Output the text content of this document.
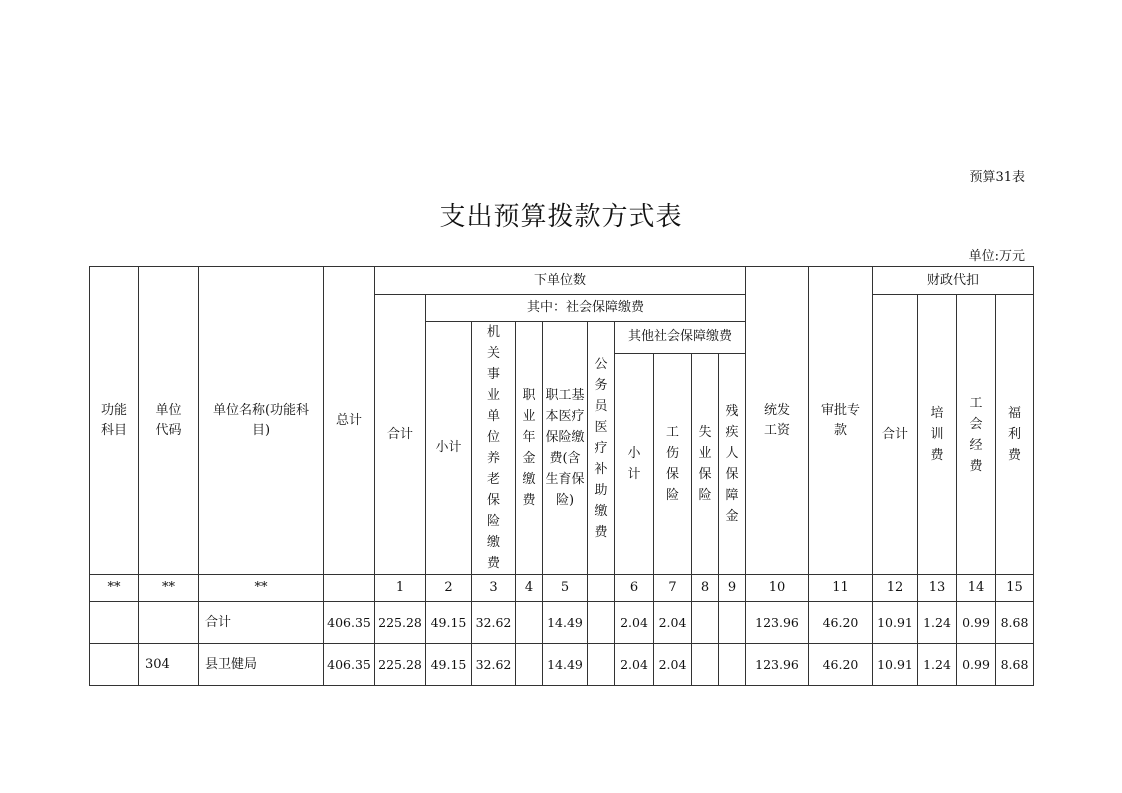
预算31表
支出预算拨款方式表
单位:万元
功能科目	单位代码	单位名称(功能科目)	总计	下单位数										统发工资	审批专款	财政代扣			
				合计	其中：社会保障缴费											合计	培训费	工会经费	福利费

					小计	机关事业单位养老保险缴费	职业年金缴费	职工基本医疗保险缴费(含生育保险)	公务员医疗补助缴费	其他社会保障缴费									

										小计	工伤保险	失业保险	残疾人保障金						

**	**	**		1	2	3	4	5		6	7	8	9	10	11	12	13	14	15
		合计	406.35	225.28	49.15	32.62		14.49		2.04	2.04			123.96	46.20	10.91	1.24	0.99	8.68

	304	县卫健局	406.35	225.28	49.15	32.62		14.49		2.04	2.04			123.96	46.20	10.91	1.24	0.99	8.68
